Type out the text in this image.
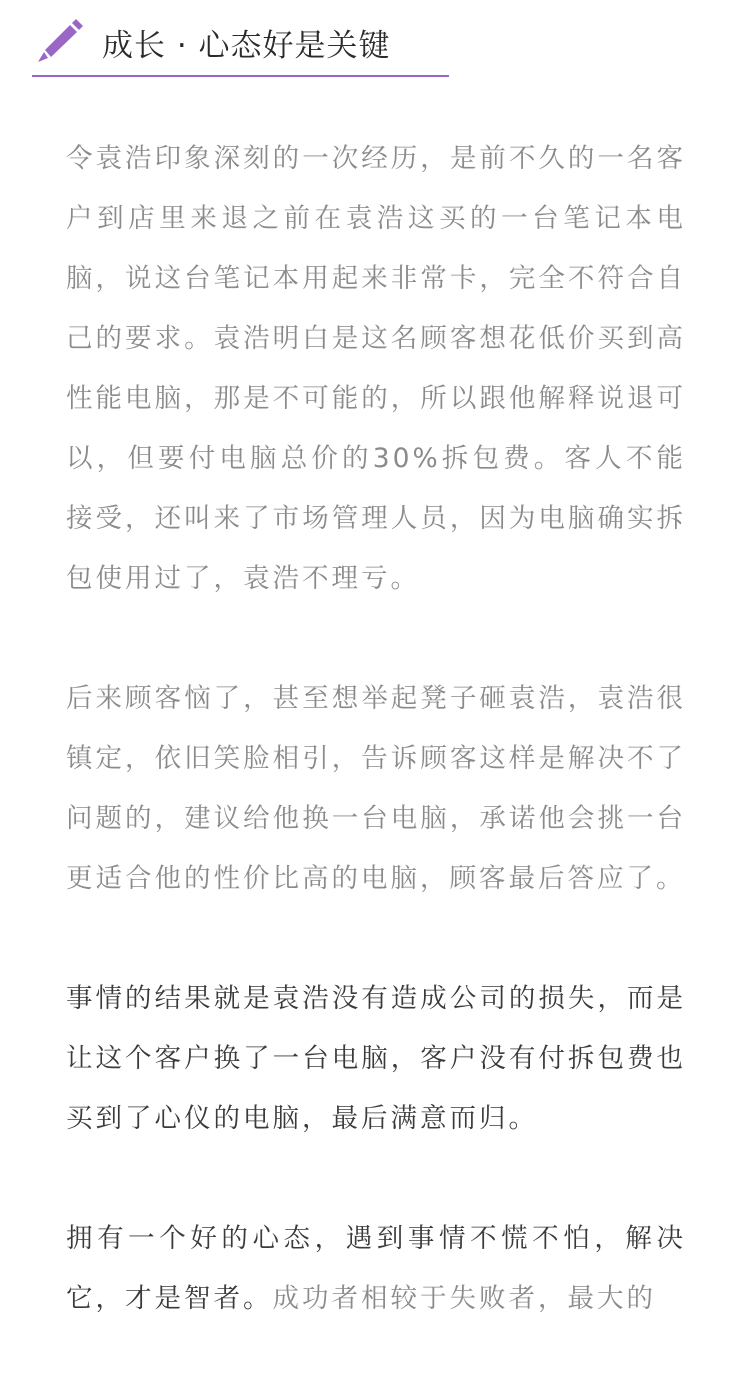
成长 · 心态好是关键

令袁浩印象深刻的一次经历，是前不久的一名客户到店里来退之前在袁浩这买的一台笔记本电脑，说这台笔记本用起来非常卡，完全不符合自己的要求。袁浩明白是这名顾客想花低价买到高性能电脑，那是不可能的，所以跟他解释说退可以，但要付电脑总价的30%拆包费。客人不能接受，还叫来了市场管理人员，因为电脑确实拆包使用过了，袁浩不理亏。

后来顾客恼了，甚至想举起凳子砸袁浩，袁浩很镇定，依旧笑脸相引，告诉顾客这样是解决不了问题的，建议给他换一台电脑，承诺他会挑一台更适合他的性价比高的电脑，顾客最后答应了。

事情的结果就是袁浩没有造成公司的损失，而是让这个客户换了一台电脑，客户没有付拆包费也买到了心仪的电脑，最后满意而归。

拥有一个好的心态，遇到事情不慌不怕，解决它，才是智者。成功者相较于失败者，最大的
